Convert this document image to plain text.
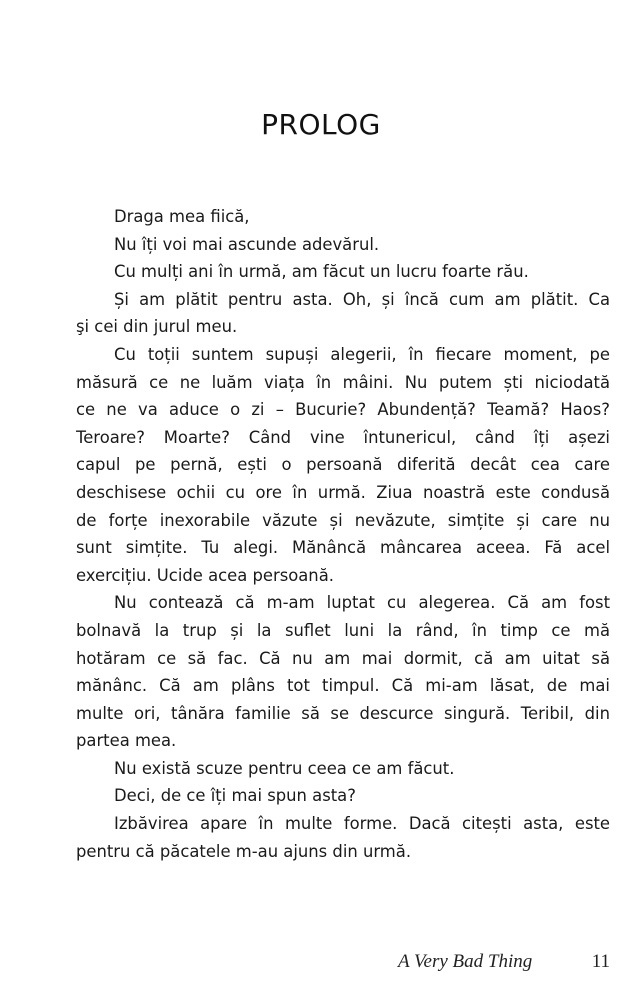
PROLOG
Draga mea fiică,
Nu îți voi mai ascunde adevărul.
Cu mulți ani în urmă, am făcut un lucru foarte rău.
Și am plătit pentru asta. Oh, și încă cum am plătit. Ca
şi cei din jurul meu.
Cu toții suntem supuși alegerii, în fiecare moment, pe
măsură ce ne luăm viața în mâini. Nu putem ști niciodată
ce ne va aduce o zi – Bucurie? Abundență? Teamă? Haos?
Teroare? Moarte? Când vine întunericul, când îți așezi
capul pe pernă, ești o persoană diferită decât cea care
deschisese ochii cu ore în urmă. Ziua noastră este condusă
de forțe inexorabile văzute și nevăzute, simțite și care nu
sunt simțite. Tu alegi. Mănâncă mâncarea aceea. Fă acel
exercițiu. Ucide acea persoană.
Nu contează că m-am luptat cu alegerea. Că am fost
bolnavă la trup și la suflet luni la rând, în timp ce mă
hotăram ce să fac. Că nu am mai dormit, că am uitat să
mănânc. Că am plâns tot timpul. Că mi-am lăsat, de mai
multe ori, tânăra familie să se descurce singură. Teribil, din
partea mea.
Nu există scuze pentru ceea ce am făcut.
Deci, de ce îți mai spun asta?
Izbăvirea apare în multe forme. Dacă citești asta, este
pentru că păcatele m-au ajuns din urmă.
A Very Bad Thing	11
